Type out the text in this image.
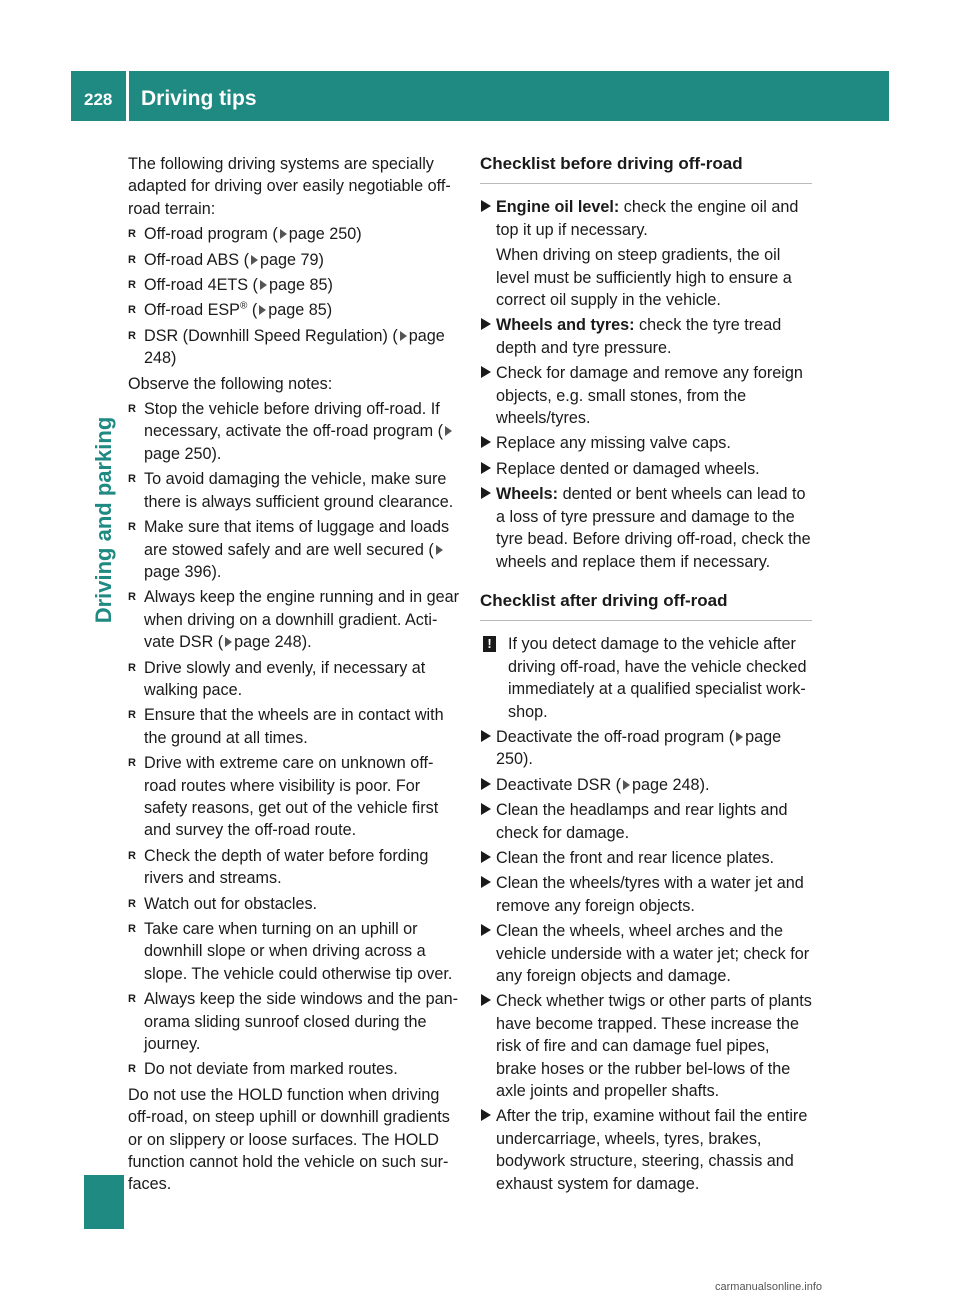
228 Driving tips
Driving and parking

The following driving systems are specially adapted for driving over easily negotiable off-road terrain:

R Off-road program ( page 250)
R Off-road ABS ( page 79)
R Off-road 4ETS ( page 85)
R Off-road ESP® ( page 85)
R DSR (Downhill Speed Regulation) ( page 248)

Observe the following notes:

R Stop the vehicle before driving off-road. If necessary, activate the off-road program (page 250).
R To avoid damaging the vehicle, make sure there is always sufficient ground clearance.
R Make sure that items of luggage and loads are stowed safely and are well secured (page 396).
R Always keep the engine running and in gear when driving on a downhill gradient. Acti-vate DSR ( page 248).
R Drive slowly and evenly, if necessary at walking pace.
R Ensure that the wheels are in contact with the ground at all times.
R Drive with extreme care on unknown off-road routes where visibility is poor. For safety reasons, get out of the vehicle first and survey the off-road route.
R Check the depth of water before fording rivers and streams.
R Watch out for obstacles.
R Take care when turning on an uphill or downhill slope or when driving across a slope. The vehicle could otherwise tip over.
R Always keep the side windows and the pan-orama sliding sunroof closed during the journey.
R Do not deviate from marked routes.

Do not use the HOLD function when driving off-road, on steep uphill or downhill gradients or on slippery or loose surfaces. The HOLD function cannot hold the vehicle on such sur-faces.

Checklist before driving off-road
Engine oil level: check the engine oil and top it up if necessary.

When driving on steep gradients, the oil level must be sufficiently high to ensure a correct oil supply in the vehicle.

Wheels and tyres: check the tyre tread depth and tyre pressure.
Check for damage and remove any foreign objects, e.g. small stones, from the wheels/tyres.
Replace any missing valve caps.
Replace dented or damaged wheels.
Wheels: dented or bent wheels can lead to a loss of tyre pressure and damage to the tyre bead. Before driving off-road, check the wheels and replace them if necessary.
Checklist after driving off-road
! If you detect damage to the vehicle after driving off-road, have the vehicle checked immediately at a qualified specialist work-shop.
Deactivate the off-road program ( page 250).
Deactivate DSR ( page 248).
Clean the headlamps and rear lights and check for damage.
Clean the front and rear licence plates.
Clean the wheels/tyres with a water jet and remove any foreign objects.
Clean the wheels, wheel arches and the vehicle underside with a water jet; check for any foreign objects and damage.
Check whether twigs or other parts of plants have become trapped. These increase the risk of fire and can damage fuel pipes, brake hoses or the rubber bel-lows of the axle joints and propeller shafts.
After the trip, examine without fail the entire undercarriage, wheels, tyres, brakes, bodywork structure, steering, chassis and exhaust system for damage.
carmanualsonline.info
